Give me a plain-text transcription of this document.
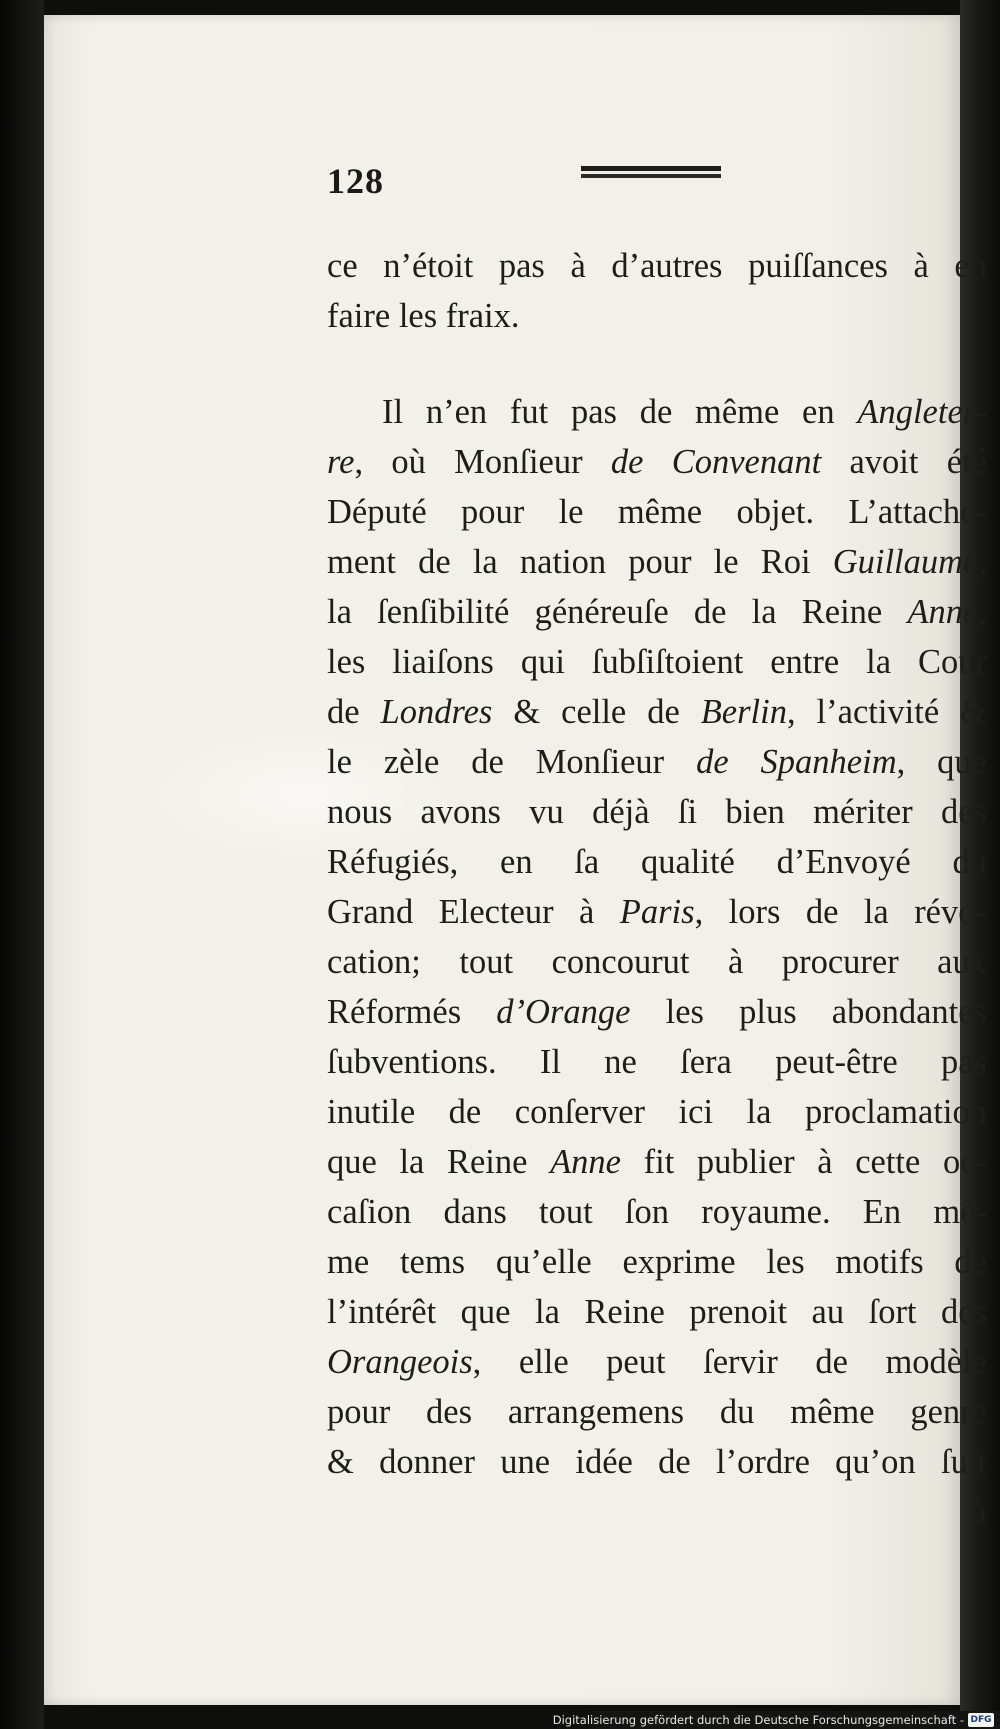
128
ce n’étoit pas à d’autres puiſſances à en
faire les fraix.
Il n’en fut pas de même en Angleter-
re, où Monſieur de Convenant avoit été
Député pour le même objet. L’attache-
ment de la nation pour le Roi Guillaume,
la ſenſibilité généreuſe de la Reine Anne,
les liaiſons qui ſubſiſtoient entre la Cour
de Londres & celle de Berlin, l’activité &
le zèle de Monſieur de Spanheim, que
nous avons vu déjà ſi bien mériter des
Réfugiés, en ſa qualité d’Envoyé du
Grand Electeur à Paris, lors de la révo-
cation; tout concourut à procurer aux
Réformés d’Orange les plus abondantes
ſubventions. Il ne ſera peut-être pas
inutile de conſerver ici la proclamation
que la Reine Anne fit publier à cette oc-
caſion dans tout ſon royaume. En mê-
me tems qu’elle exprime les motifs de
l’intérêt que la Reine prenoit au ſort des
Orangeois, elle peut ſervir de modèle
pour des arrangemens du même genre
& donner une idée de l’ordre qu’on ſuit
à
Digitalisierung gefördert durch die Deutsche Forschungsgemeinschaft - DFG
